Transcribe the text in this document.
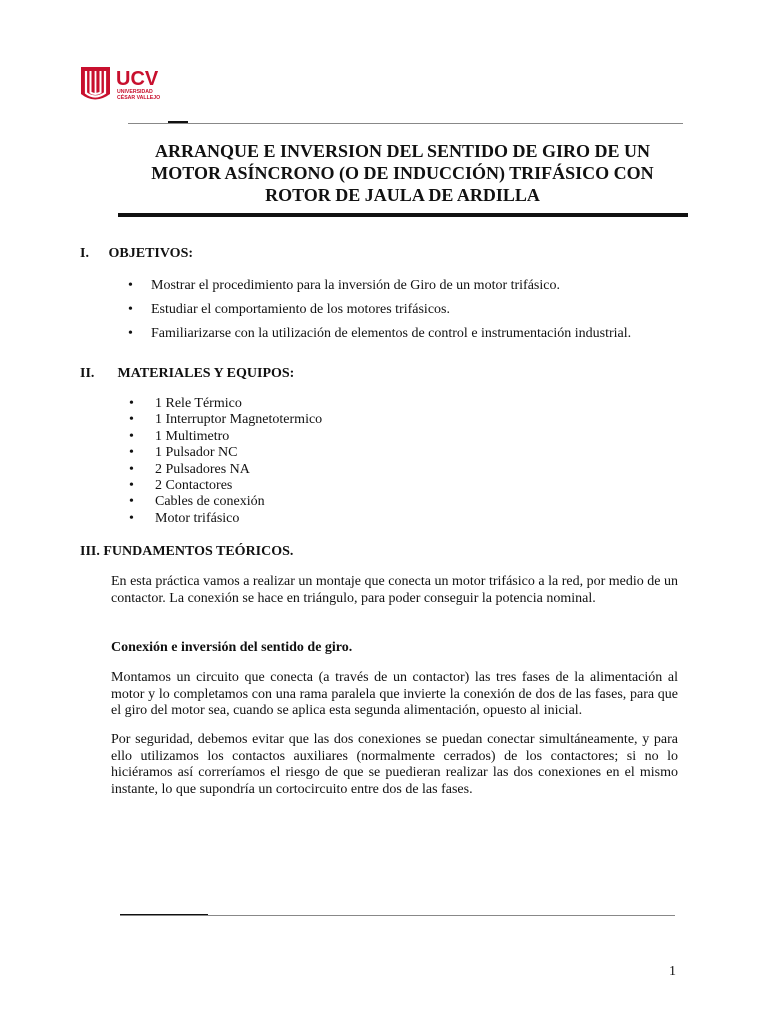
UCV
UNIVERSIDAD
CÉSAR VALLEJO
ARRANQUE E INVERSION DEL SENTIDO DE GIRO DE UN
MOTOR ASÍNCRONO (O DE INDUCCIÓN) TRIFÁSICO CON
ROTOR DE JAULA DE ARDILLA
I. OBJETIVOS:
• Mostrar el procedimiento para la inversión de Giro de un motor trifásico.
• Estudiar el comportamiento de los motores trifásicos.
• Familiarizarse con la utilización de elementos de control e instrumentación industrial.
II. MATERIALES Y EQUIPOS:
• 1 Rele Térmico
• 1 Interruptor Magnetotermico
• 1 Multimetro
• 1 Pulsador NC
• 2 Pulsadores NA
• 2 Contactores
• Cables de conexión
• Motor trifásico
III. FUNDAMENTOS TEÓRICOS.

En esta práctica vamos a realizar un montaje que conecta un motor trifásico a la red, por medio de un contactor. La conexión se hace en triángulo, para poder conseguir la potencia nominal.

Conexión e inversión del sentido de giro.

Montamos un circuito que conecta (a través de un contactor) las tres fases de la alimentación al motor y lo completamos con una rama paralela que invierte la conexión de dos de las fases, para que el giro del motor sea, cuando se aplica esta segunda alimentación, opuesto al inicial.

Por seguridad, debemos evitar que las dos conexiones se puedan conectar simultáneamente, y para ello utilizamos los contactos auxiliares (normalmente cerrados) de los contactores; si no lo hiciéramos así correríamos el riesgo de que se puedieran realizar las dos conexiones en el mismo instante, lo que supondría un cortocircuito entre dos de las fases.

1
